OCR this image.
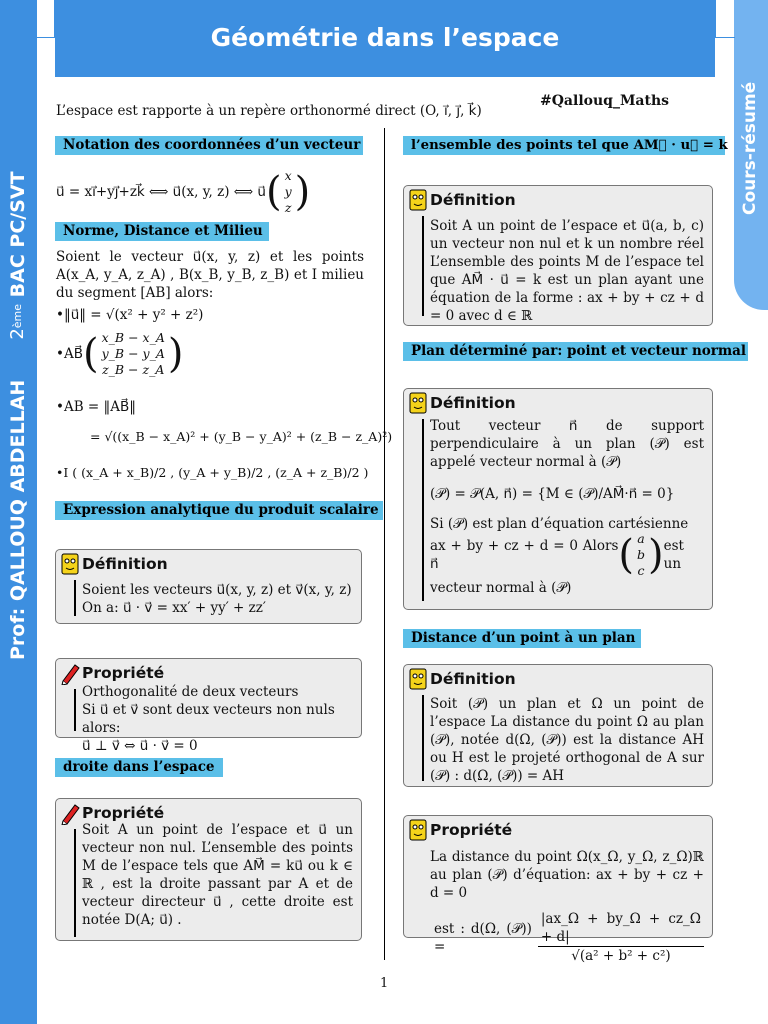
Prof: QALLOUQ ABDELLAH
2
ème

BAC PC/SVT
Cours-résumé
Géométrie dans l’espace
L’espace est rapporte à un repère orthonormé direct (O, i⃗, j⃗, k⃗)
#Qallouq_Maths
Notation des coordonnées d’un vecteur
u⃗ = xi⃗+yj⃗+zk⃗ ⟺ u⃗(x, y, z) ⟺ u⃗ ( x
y
z )
Norme, Distance et Milieu
Soient le vecteur u⃗(x, y, z) et les points A(x_A, y_A, z_A) , B(x_B, y_B, z_B) et I milieu du segment [AB] alors:
•‖u⃗‖ = √(x² + y² + z²)
•AB⃗ ( x_B − x_A
y_B − y_A
z_B − z_A )
•AB = ‖AB⃗‖
= √((x_B − x_A)² + (y_B − y_A)² + (z_B − z_A)²)
•I ( (x_A + x_B)/2 , (y_A + y_B)/2 , (z_A + z_B)/2 )
Expression analytique du produit scalaire
Définition
Soient les vecteurs u⃗(x, y, z) et v⃗(x, y, z)
On a: u⃗ · v⃗ = xx′ + yy′ + zz′
Propriété
Orthogonalité de deux vecteurs
Si u⃗ et v⃗ sont deux vecteurs non nuls alors:
u⃗ ⊥ v⃗ ⇔ u⃗ · v⃗ = 0
droite dans l’espace
Propriété
Soit A un point de l’espace et u⃗ un vecteur non nul. L’ensemble des points M de l’espace tels que AM⃗ = ku⃗ ou k ∈ ℝ , est la droite passant par A et de vecteur directeur u⃗ , cette droite est notée D(A; u⃗) .
l’ensemble des points tel que AM⃗ · u⃗ = k
Définition
Soit A un point de l’espace et u⃗(a, b, c) un vecteur non nul et k un nombre réel L’ensemble des points M de l’espace tel que AM⃗ · u⃗ = k est un plan ayant une équation de la forme : ax + by + cz + d = 0 avec d ∈ ℝ
Plan déterminé par: point et vecteur normal
Définition
Tout vecteur n⃗ de support perpendiculaire à un plan (𝒫) est appelé vecteur normal à (𝒫)
(𝒫) = 𝒫(A, n⃗) = {M ∈ (𝒫)/AM⃗·n⃗ = 0}
Si (𝒫) est plan d’équation cartésienne
ax + by + cz + d = 0 Alors n⃗	( a
b
c ) est un
vecteur normal à (𝒫)
Distance d’un point à un plan
Définition
Soit (𝒫) un plan et Ω un point de l’espace La distance du point Ω au plan (𝒫), notée d(Ω, (𝒫)) est la distance AH ou H est le projeté orthogonal de A sur (𝒫) : d(Ω, (𝒫)) = AH
Propriété
La distance du point Ω(x_Ω, y_Ω, z_Ω)ℝ au plan (𝒫) d’équation: ax + by + cz + d = 0
est : d(Ω, (𝒫)) =	$\frac{|ax\_\Omega + by\_\Omega + cz\_\Omega + d|}{\text{√(a² + b² + c²)}}$
1
